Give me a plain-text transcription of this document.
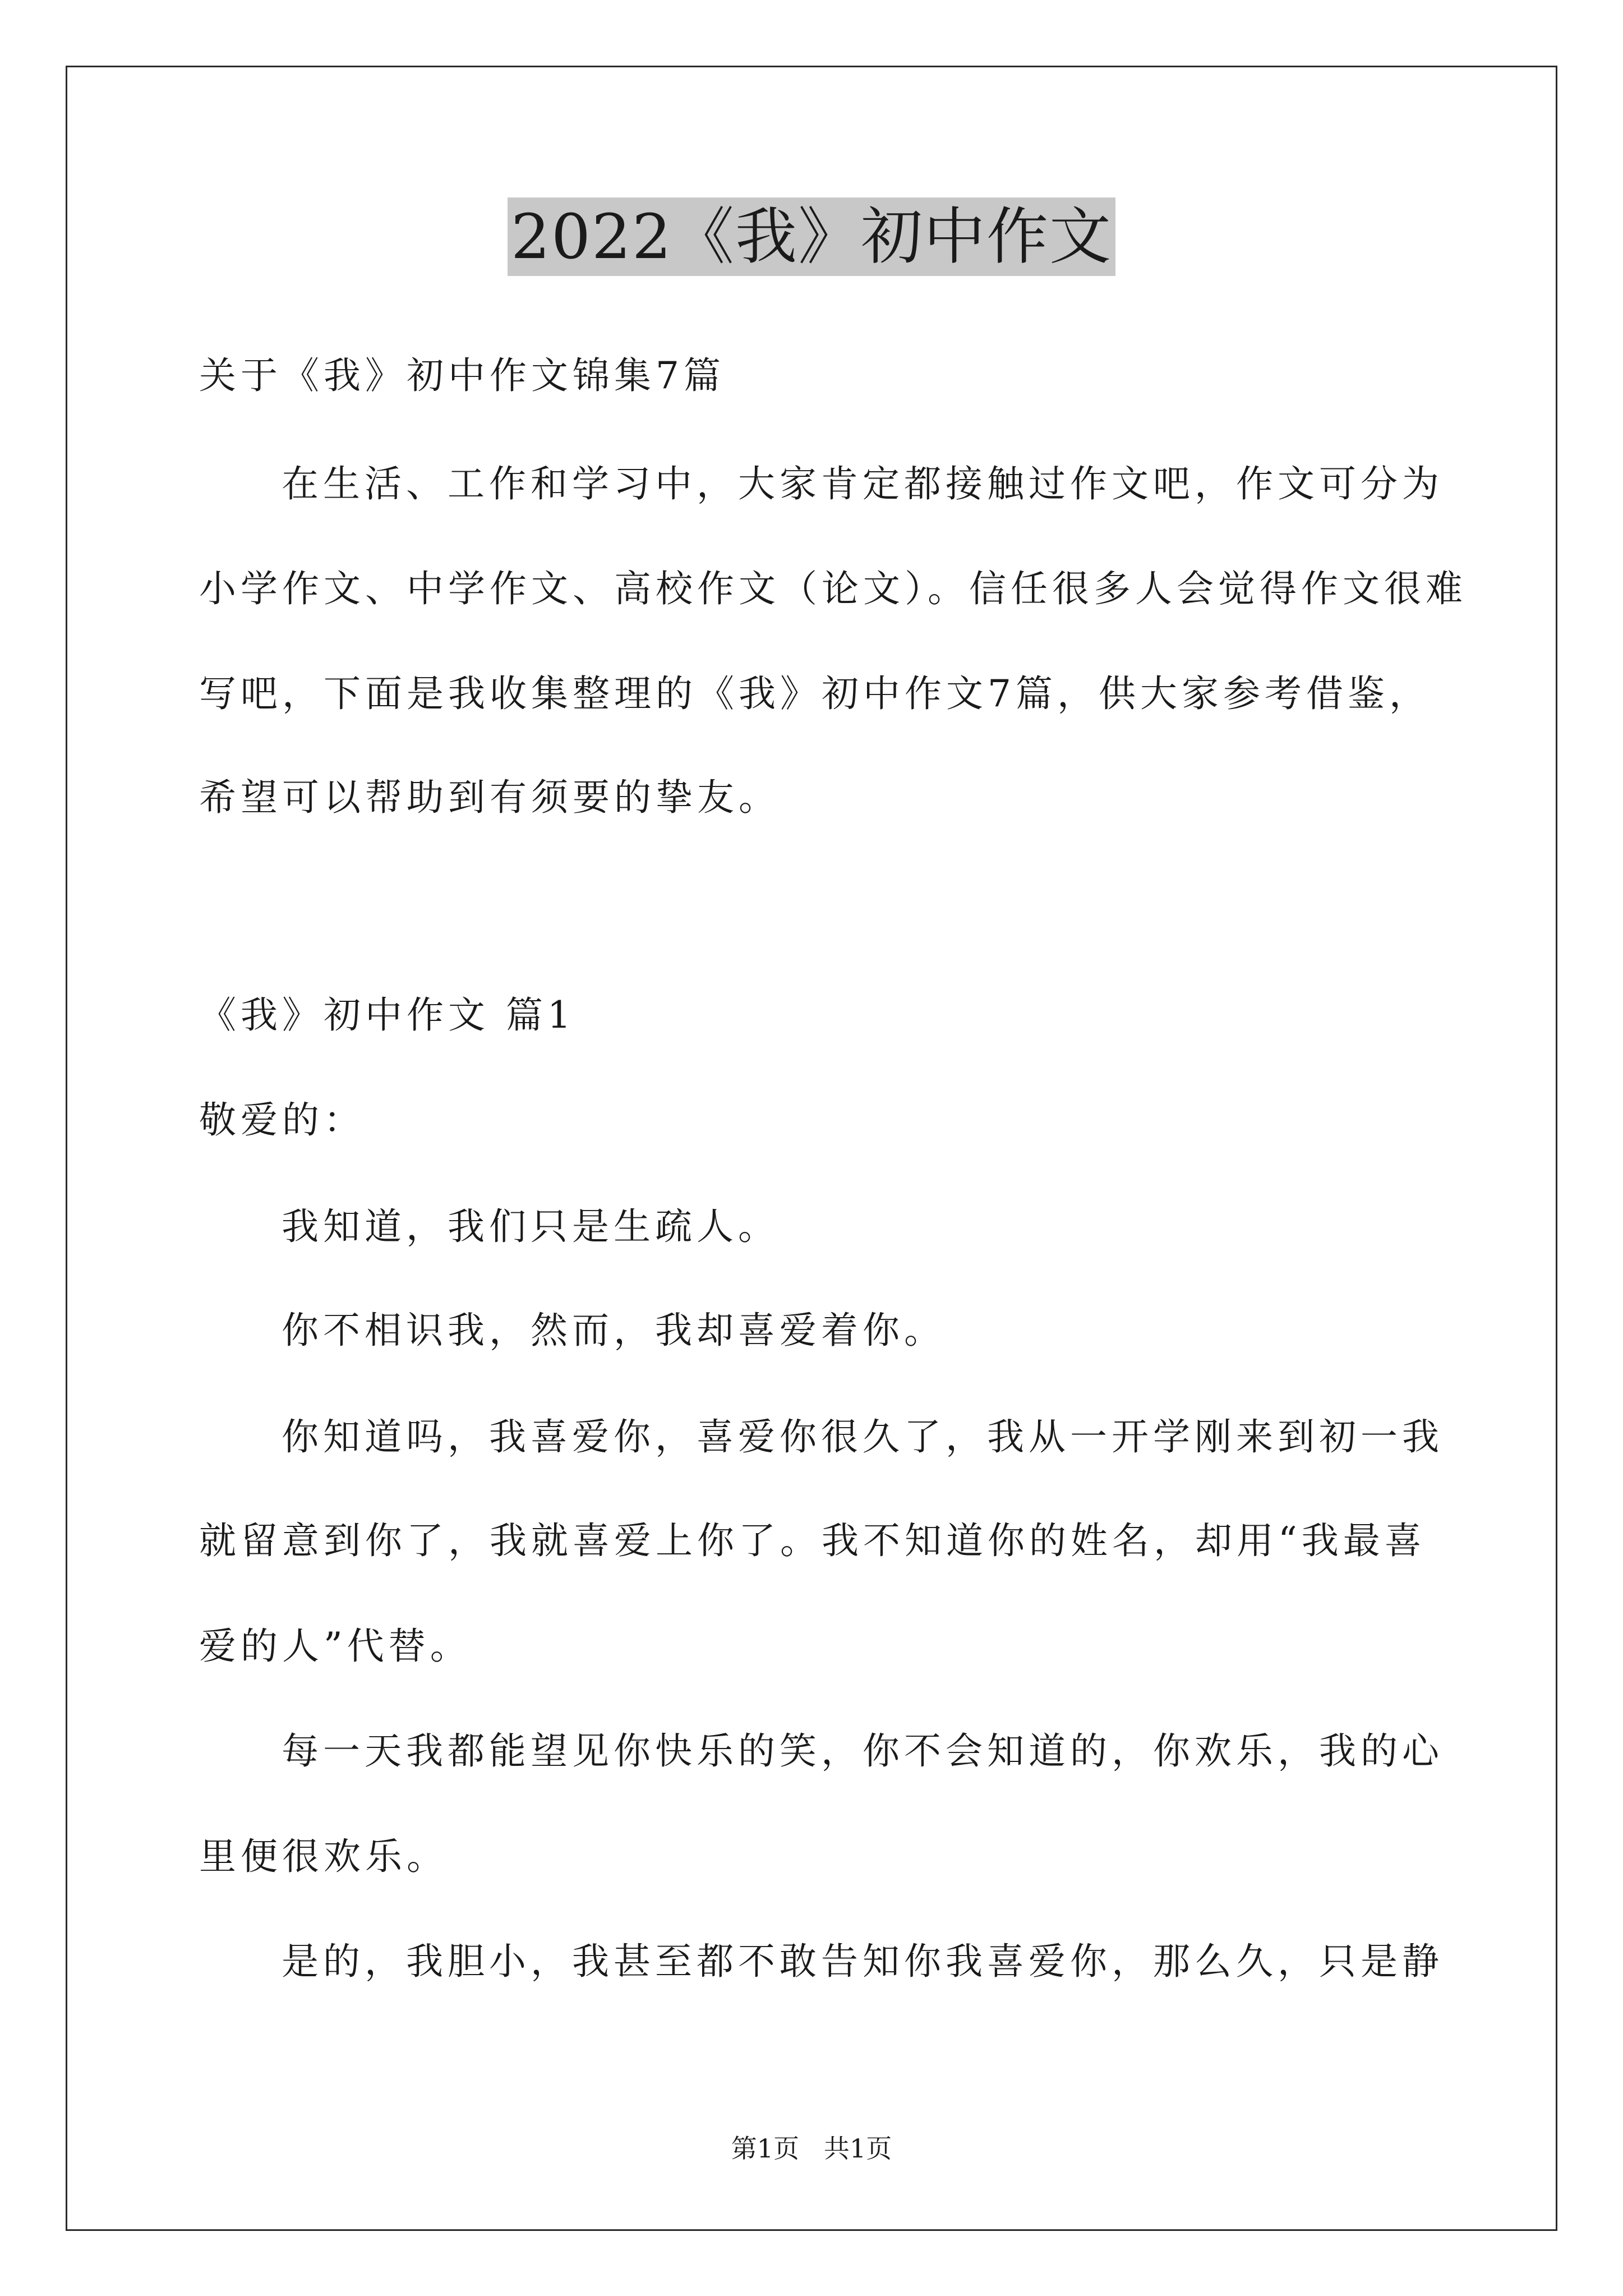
2022《我》初中作文
关于《我》初中作文锦集7篇
在生活、工作和学习中，大家肯定都接触过作文吧，作文可分为
小学作文、中学作文、高校作文（论文）。信任很多人会觉得作文很难
写吧，下面是我收集整理的《我》初中作文7篇，供大家参考借鉴，
希望可以帮助到有须要的挚友。
《我》初中作文 篇1
敬爱的：
我知道，我们只是生疏人。
你不相识我，然而，我却喜爱着你。
你知道吗，我喜爱你，喜爱你很久了，我从一开学刚来到初一我
就留意到你了，我就喜爱上你了。我不知道你的姓名，却用“我最喜
爱的人”代替。
每一天我都能望见你快乐的笑，你不会知道的，你欢乐，我的心
里便很欢乐。
是的，我胆小，我甚至都不敢告知你我喜爱你，那么久，只是静
第1页   共1页
